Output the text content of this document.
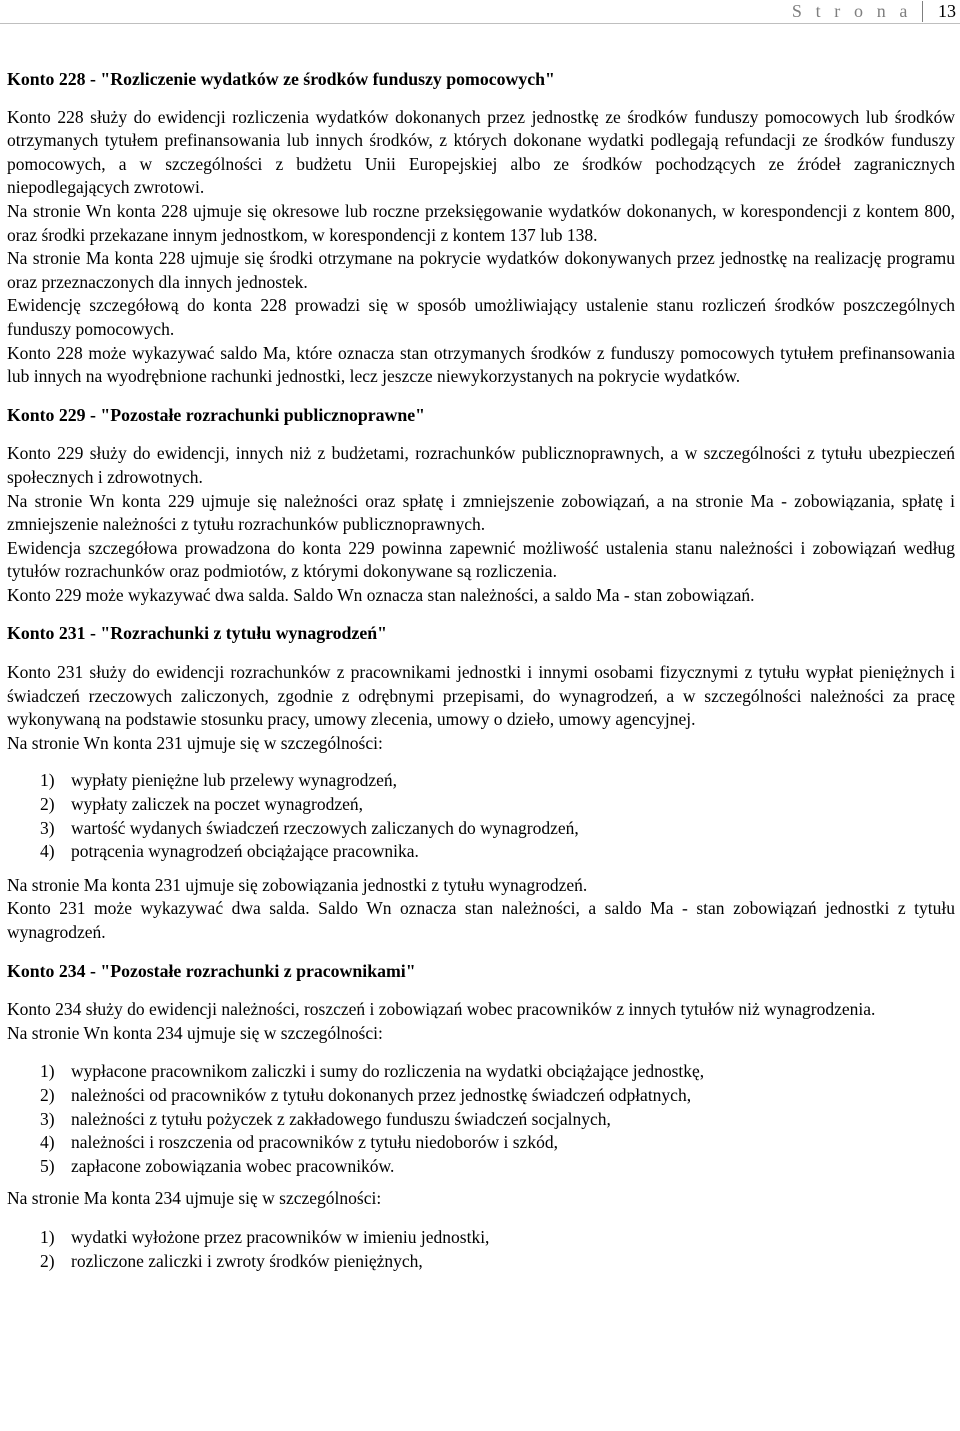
S t r o n a 13
Konto 228 - "Rozliczenie wydatków ze środków funduszy pomocowych"

Konto 228 służy do ewidencji rozliczenia wydatków dokonanych przez jednostkę ze środków funduszy pomocowych lub środków otrzymanych tytułem prefinansowania lub innych środków, z których dokonane wydatki podlegają refundacji ze środków funduszy pomocowych, a w szczególności z budżetu Unii Europejskiej albo ze środków pochodzących ze źródeł zagranicznych niepodlegających zwrotowi.

Na stronie Wn konta 228 ujmuje się okresowe lub roczne przeksięgowanie wydatków dokonanych, w korespondencji z kontem 800, oraz środki przekazane innym jednostkom, w korespondencji z kontem 137 lub 138.

Na stronie Ma konta 228 ujmuje się środki otrzymane na pokrycie wydatków dokonywanych przez jednostkę na realizację programu oraz przeznaczonych dla innych jednostek.

Ewidencję szczegółową do konta 228 prowadzi się w sposób umożliwiający ustalenie stanu rozliczeń środków poszczególnych funduszy pomocowych.

Konto 228 może wykazywać saldo Ma, które oznacza stan otrzymanych środków z funduszy pomocowych tytułem prefinansowania lub innych na wyodrębnione rachunki jednostki, lecz jeszcze niewykorzystanych na pokrycie wydatków.

Konto 229 - "Pozostałe rozrachunki publicznoprawne"

Konto 229 służy do ewidencji, innych niż z budżetami, rozrachunków publicznoprawnych, a w szczególności z tytułu ubezpieczeń społecznych i zdrowotnych.

Na stronie Wn konta 229 ujmuje się należności oraz spłatę i zmniejszenie zobowiązań, a na stronie Ma - zobowiązania, spłatę i zmniejszenie należności z tytułu rozrachunków publicznoprawnych.

Ewidencja szczegółowa prowadzona do konta 229 powinna zapewnić możliwość ustalenia stanu należności i zobowiązań według tytułów rozrachunków oraz podmiotów, z którymi dokonywane są rozliczenia.

Konto 229 może wykazywać dwa salda. Saldo Wn oznacza stan należności, a saldo Ma - stan zobowiązań.

Konto 231 - "Rozrachunki z tytułu wynagrodzeń"

Konto 231 służy do ewidencji rozrachunków z pracownikami jednostki i innymi osobami fizycznymi z tytułu wypłat pieniężnych i świadczeń rzeczowych zaliczonych, zgodnie z odrębnymi przepisami, do wynagrodzeń, a w szczególności należności za pracę wykonywaną na podstawie stosunku pracy, umowy zlecenia, umowy o dzieło, umowy agencyjnej.

Na stronie Wn konta 231 ujmuje się w szczególności:

1) wypłaty pieniężne lub przelewy wynagrodzeń,
2) wypłaty zaliczek na poczet wynagrodzeń,
3) wartość wydanych świadczeń rzeczowych zaliczanych do wynagrodzeń,
4) potrącenia wynagrodzeń obciążające pracownika.

Na stronie Ma konta 231 ujmuje się zobowiązania jednostki z tytułu wynagrodzeń.

Konto 231 może wykazywać dwa salda. Saldo Wn oznacza stan należności, a saldo Ma - stan zobowiązań jednostki z tytułu wynagrodzeń.

Konto 234 - "Pozostałe rozrachunki z pracownikami"

Konto 234 służy do ewidencji należności, roszczeń i zobowiązań wobec pracowników z innych tytułów niż wynagrodzenia.

Na stronie Wn konta 234 ujmuje się w szczególności:

1) wypłacone pracownikom zaliczki i sumy do rozliczenia na wydatki obciążające jednostkę,
2) należności od pracowników z tytułu dokonanych przez jednostkę świadczeń odpłatnych,
3) należności z tytułu pożyczek z zakładowego funduszu świadczeń socjalnych,
4) należności i roszczenia od pracowników z tytułu niedoborów i szkód,
5) zapłacone zobowiązania wobec pracowników.

Na stronie Ma konta 234 ujmuje się w szczególności:

1) wydatki wyłożone przez pracowników w imieniu jednostki,
2) rozliczone zaliczki i zwroty środków pieniężnych,
